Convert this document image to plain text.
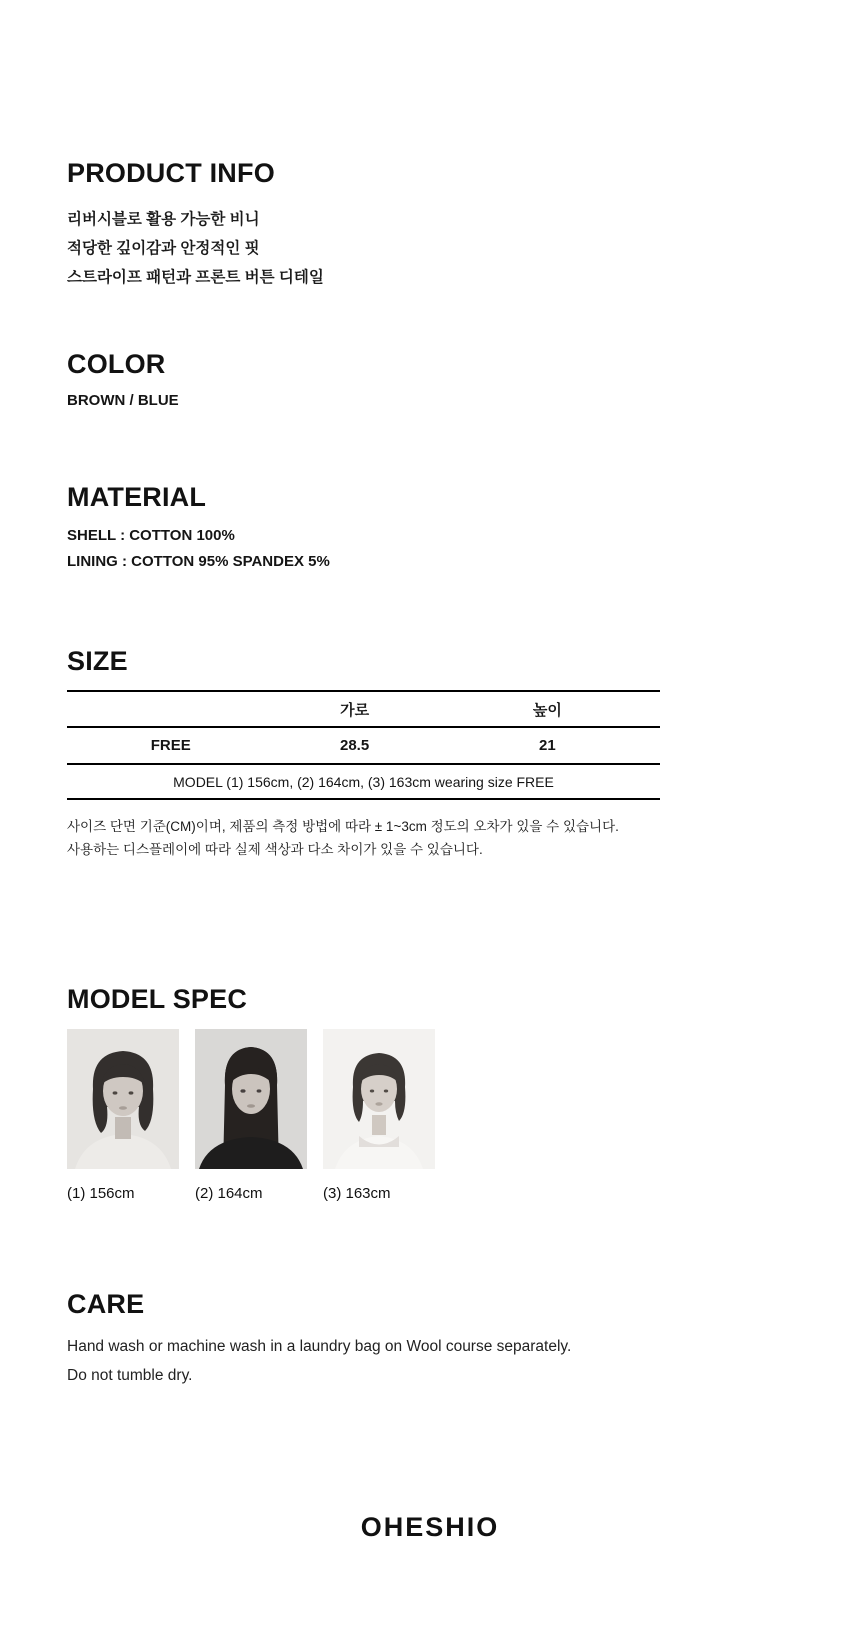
PRODUCT INFO
리버시블로 활용 가능한 비니
적당한 깊이감과 안정적인 핏
스트라이프 패턴과 프론트 버튼 디테일
COLOR
BROWN / BLUE
MATERIAL
SHELL : COTTON 100%
LINING : COTTON 95% SPANDEX 5%
SIZE
	가로	높이
FREE	28.5	21
MODEL (1) 156cm, (2) 164cm, (3) 163cm wearing size FREE		
사이즈 단면 기준(CM)이며, 제품의 측정 방법에 따라 ± 1~3cm 정도의 오차가 있을 수 있습니다.
사용하는 디스플레이에 따라 실제 색상과 다소 차이가 있을 수 있습니다.
MODEL SPEC
(1) 156cm	(2) 164cm	(3) 163cm
CARE
Hand wash or machine wash in a laundry bag on Wool course separately.
Do not tumble dry.
OHESHIO
